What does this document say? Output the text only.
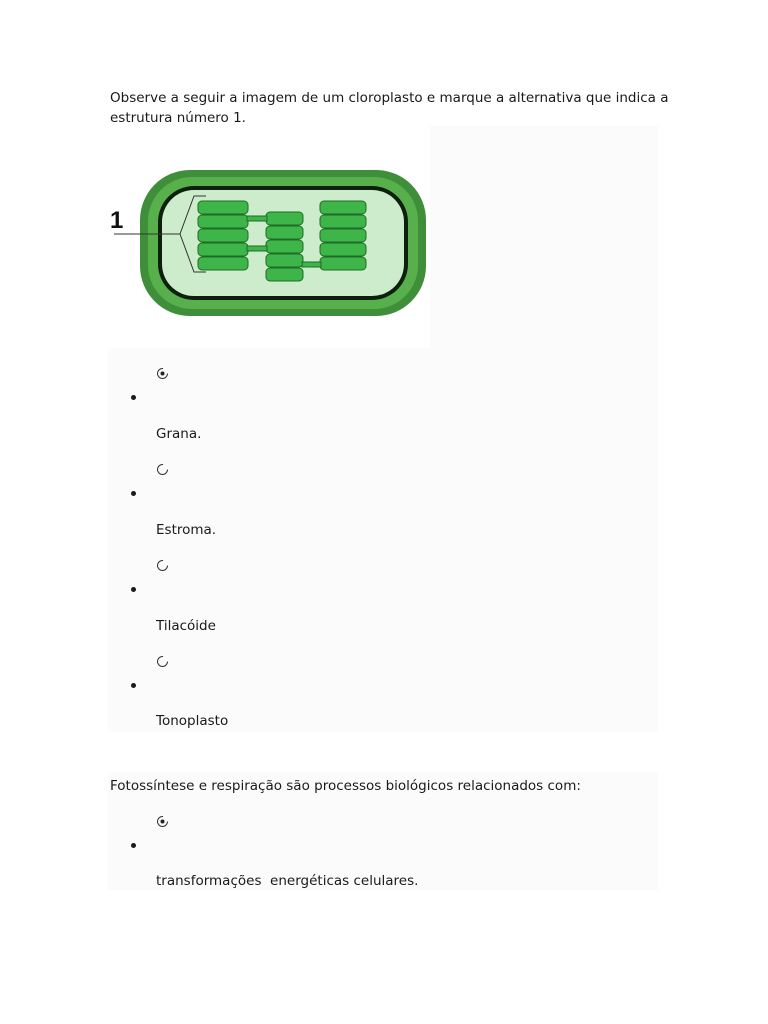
Observe a seguir a imagem de um cloroplasto e marque a alternativa que indica a estrutura número 1.
1
Grana.
Estroma.
Tilacóide
Tonoplasto
Fotossíntese e respiração são processos biológicos relacionados com:
transformações  energéticas celulares.
